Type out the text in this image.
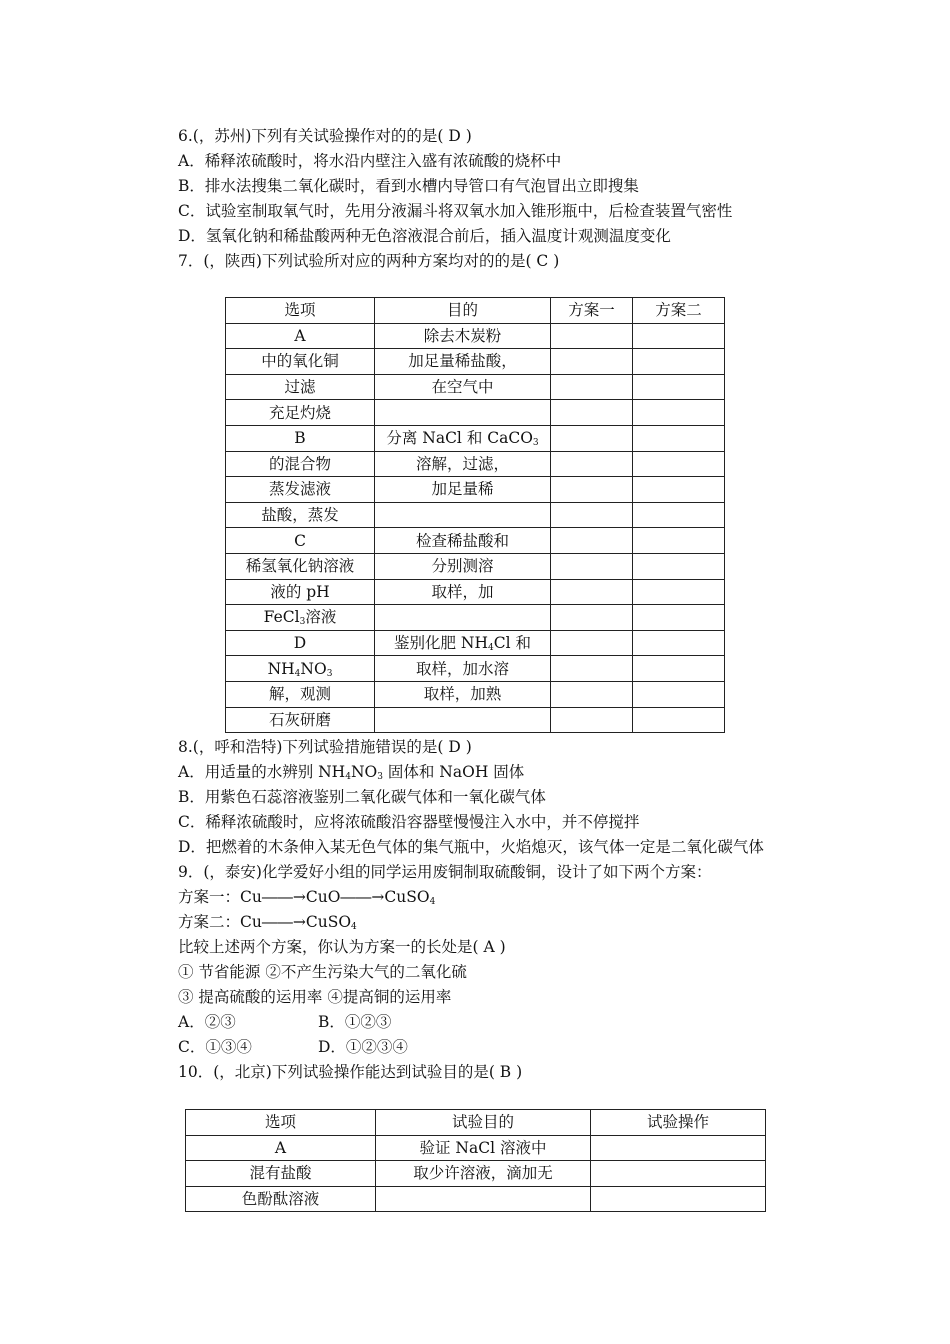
6.(，苏州)下列有关试验操作对的的是( D )
A．稀释浓硫酸时，将水沿内壁注入盛有浓硫酸的烧杯中
B．排水法搜集二氧化碳时，看到水槽内导管口有气泡冒出立即搜集
C．试验室制取氧气时，先用分液漏斗将双氧水加入锥形瓶中，后检查装置气密性
D．氢氧化钠和稀盐酸两种无色溶液混合前后，插入温度计观测温度变化
7．(，陕西)下列试验所对应的两种方案均对的的是( C )
选项	目的	方案一	方案二
A	除去木炭粉		
中的氧化铜	加足量稀盐酸，		
过滤	在空气中		
充足灼烧			
B	分离 NaCl 和 CaCO$_3$		
的混合物	溶解，过滤，		
蒸发滤液	加足量稀		
盐酸，蒸发			
C	检查稀盐酸和		
稀氢氧化钠溶液	分别测溶		
液的 pH	取样，加		
FeCl$_3$溶液			
D	鉴别化肥 $NH_4Cl$ 和		
$NH_4NO_3$	取样，加水溶		
解，观测	取样，加熟		
石灰研磨			
8.(，呼和浩特)下列试验措施错误的是( D )
A．用适量的水辨别 $NH_4NO_3$ 固体和 NaOH 固体
B．用紫色石蕊溶液鉴别二氧化碳气体和一氧化碳气体
C．稀释浓硫酸时，应将浓硫酸沿容器壁慢慢注入水中，并不停搅拌
D．把燃着的木条伸入某无色气体的集气瓶中，火焰熄灭，该气体一定是二氧化碳气体
9．(，泰安)化学爱好小组的同学运用废铜制取硫酸铜，设计了如下两个方案：
方案一：Cu――→CuO――→CuSO$_4$
方案二：Cu――→CuSO$_4$
比较上述两个方案，你认为方案一的长处是( A )
① 节省能源 ②不产生污染大气的二氧化硫
③ 提高硫酸的运用率 ④提高铜的运用率
A．②③	B．①②③
C．①③④	D．①②③④
10．(，北京)下列试验操作能达到试验目的是( B )
选项	试验目的	试验操作
A	验证 NaCl 溶液中	
混有盐酸	取少许溶液，滴加无	
色酚酞溶液		
